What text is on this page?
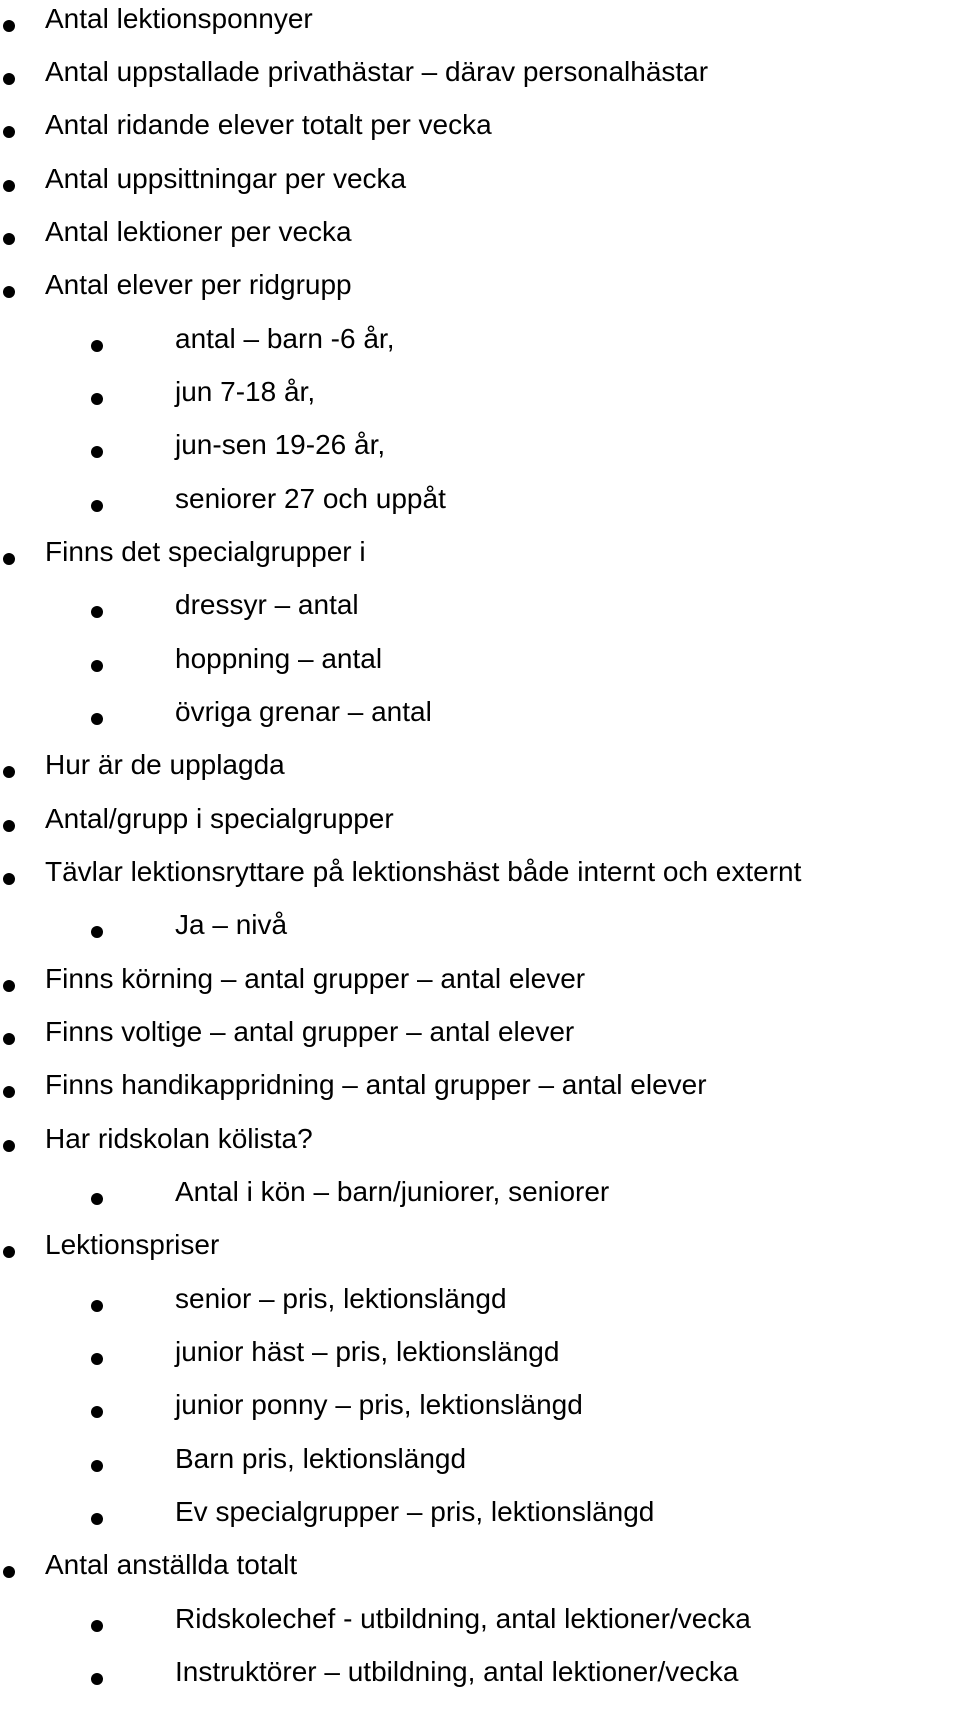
Antal lektionsponnyer
Antal uppstallade privathästar – därav personalhästar
Antal ridande elever totalt per vecka
Antal uppsittningar per vecka
Antal lektioner per vecka
Antal elever per ridgrupp
antal – barn -6 år,
jun 7-18 år,
jun-sen 19-26 år,
seniorer 27 och uppåt
Finns det specialgrupper i
dressyr – antal
hoppning – antal
övriga grenar – antal
Hur är de upplagda
Antal/grupp i specialgrupper
Tävlar lektionsryttare på lektionshäst både internt och externt
Ja – nivå
Finns körning – antal grupper – antal elever
Finns voltige – antal grupper – antal elever
Finns handikappridning – antal grupper – antal elever
Har ridskolan kölista?
Antal i kön – barn/juniorer, seniorer
Lektionspriser
senior – pris, lektionslängd
junior häst – pris, lektionslängd
junior ponny – pris, lektionslängd
Barn pris, lektionslängd
Ev specialgrupper – pris, lektionslängd
Antal anställda totalt
Ridskolechef - utbildning, antal lektioner/vecka
Instruktörer – utbildning, antal lektioner/vecka
